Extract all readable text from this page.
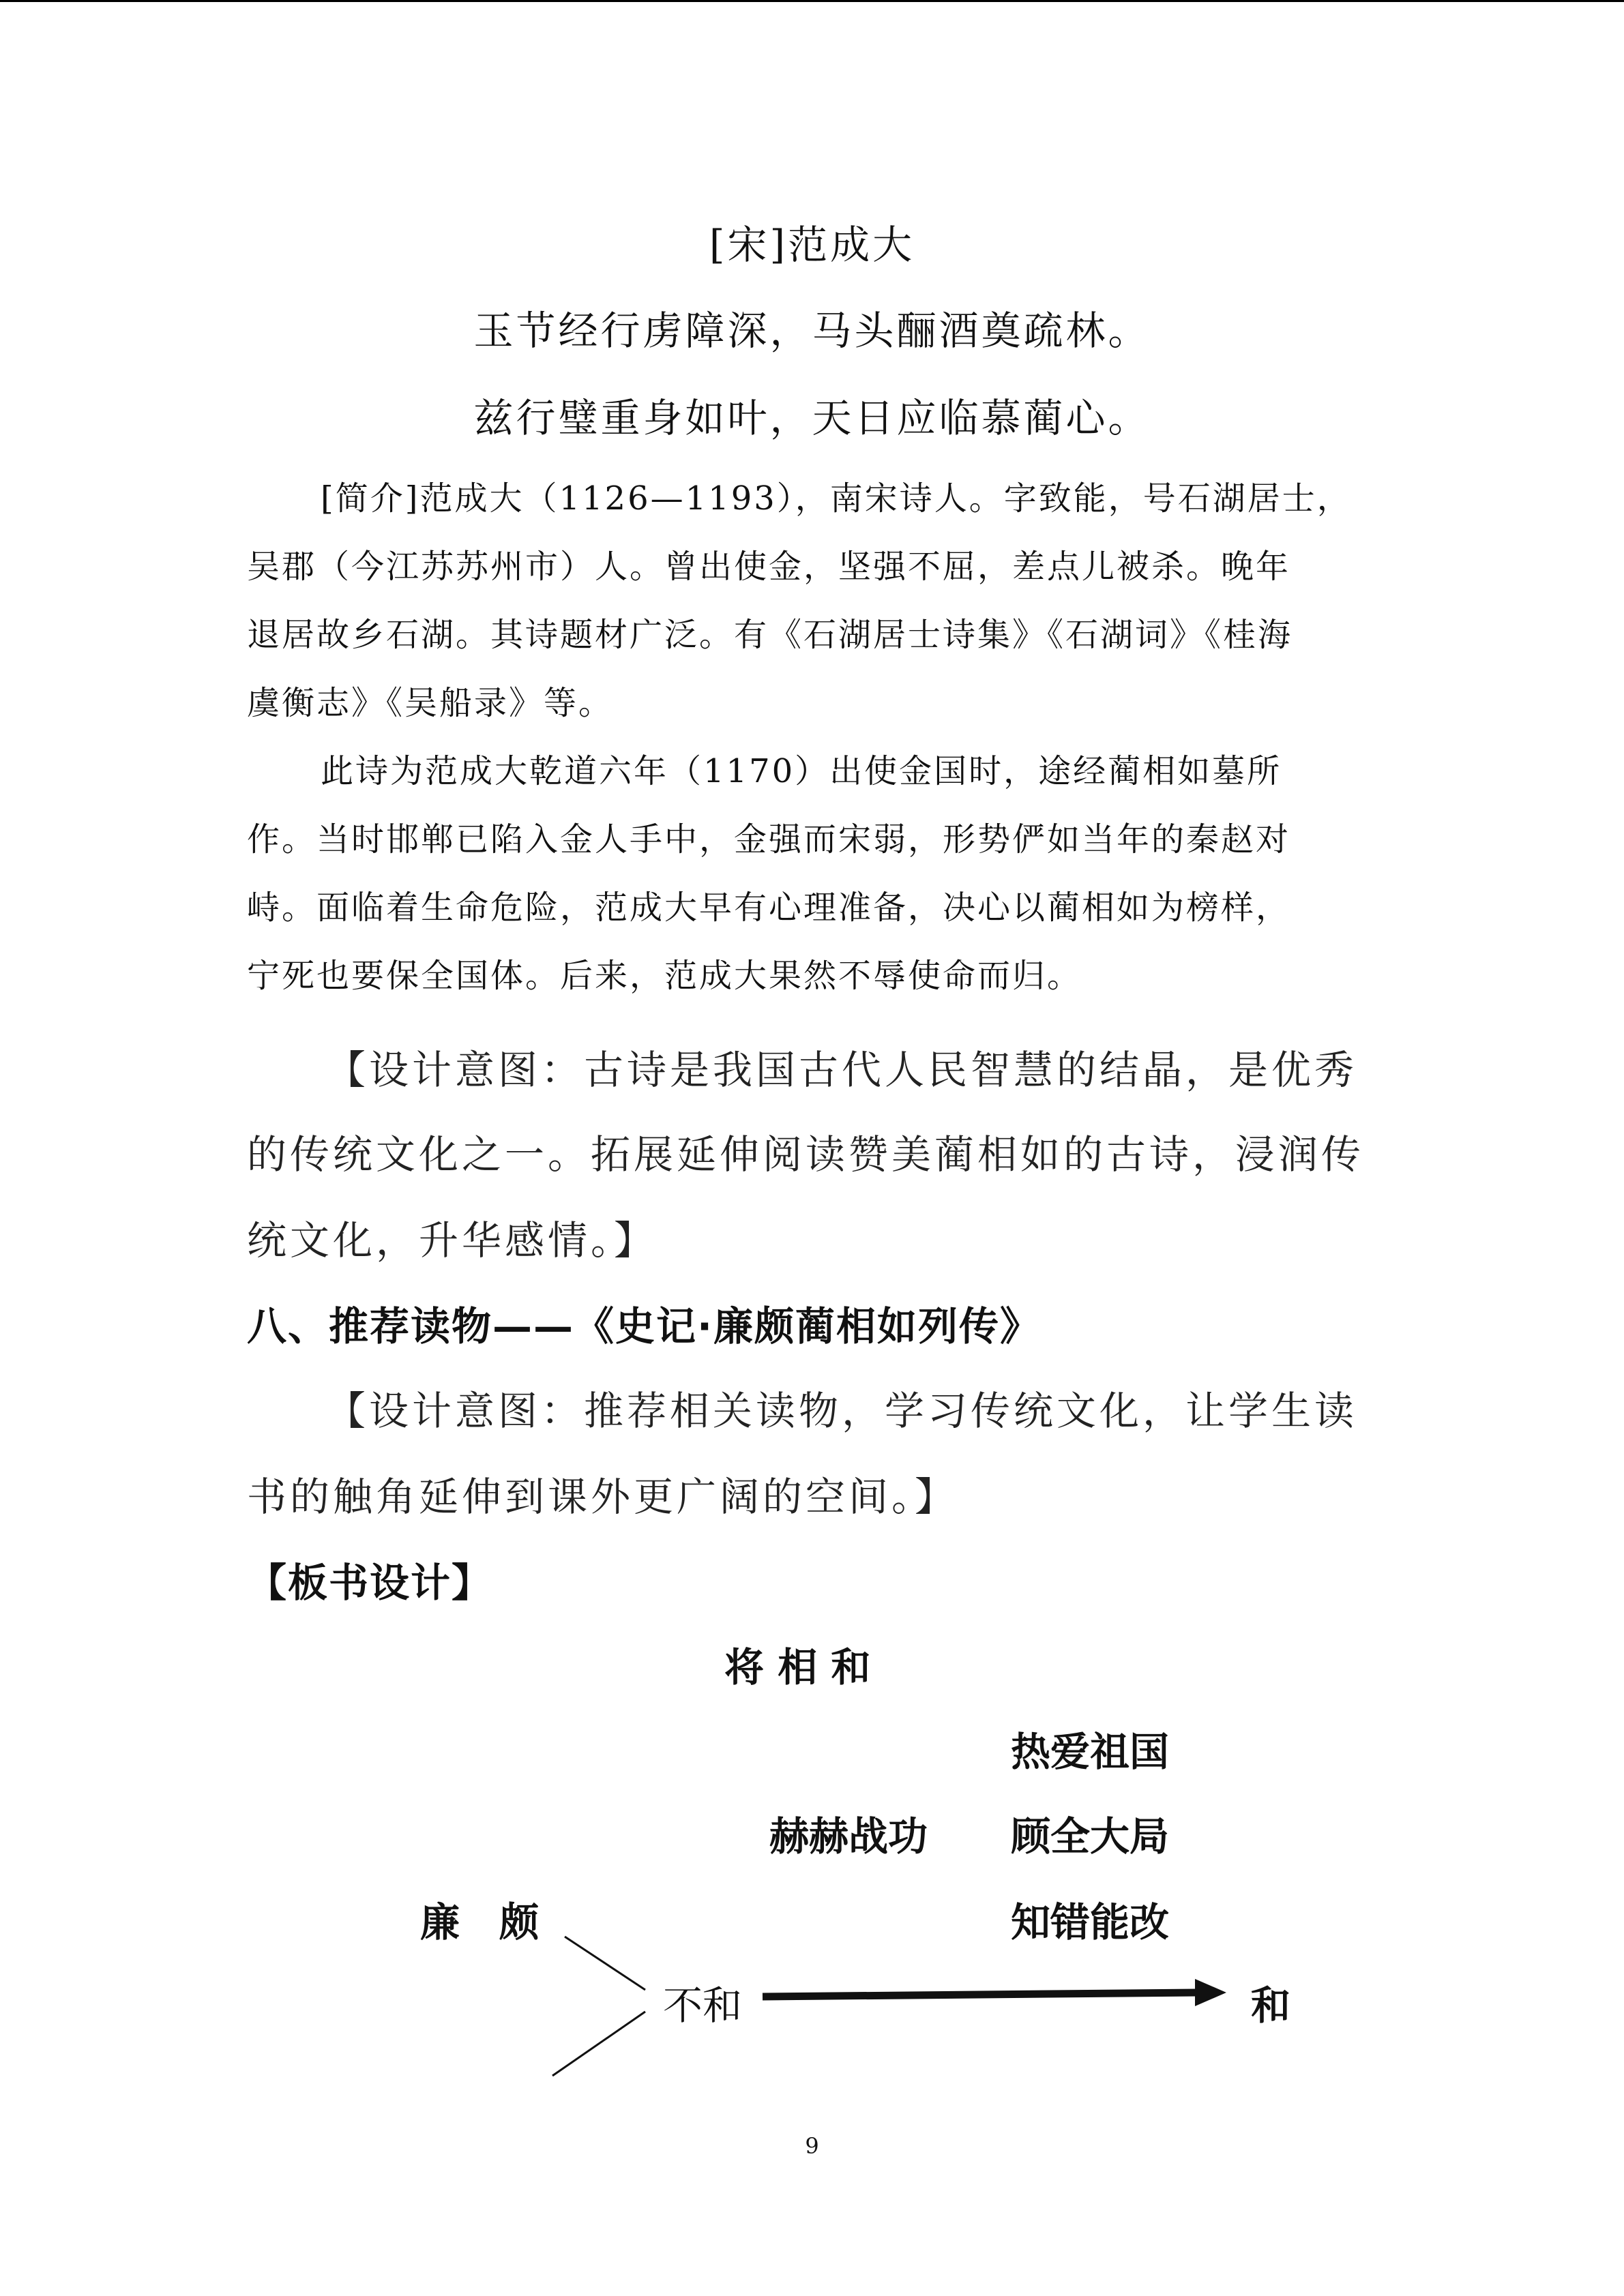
[宋]范成大
玉节经行虏障深，马头酾酒奠疏林。
兹行璧重身如叶，天日应临慕蔺心。
[简介]范成大（1126—1193），南宋诗人。字致能，号石湖居士，
吴郡（今江苏苏州市）人。曾出使金，坚强不屈，差点儿被杀。晚年
退居故乡石湖。其诗题材广泛。有《石湖居士诗集》《石湖词》《桂海
虞衡志》《吴船录》等。
此诗为范成大乾道六年（1170）出使金国时，途经蔺相如墓所
作。当时邯郸已陷入金人手中，金强而宋弱，形势俨如当年的秦赵对
峙。面临着生命危险，范成大早有心理准备，决心以蔺相如为榜样，
宁死也要保全国体。后来，范成大果然不辱使命而归。
【设计意图：古诗是我国古代人民智慧的结晶，是优秀
的传统文化之一。拓展延伸阅读赞美蔺相如的古诗，浸润传
统文化，升华感情。】
八、推荐读物——《史记·廉颇蔺相如列传》
【设计意图：推荐相关读物，学习传统文化，让学生读
书的触角延伸到课外更广阔的空间。】
【板书设计】
将 相 和
热爱祖国
赫赫战功 顾全大局
廉　颇	知错能改
不和	和
9
